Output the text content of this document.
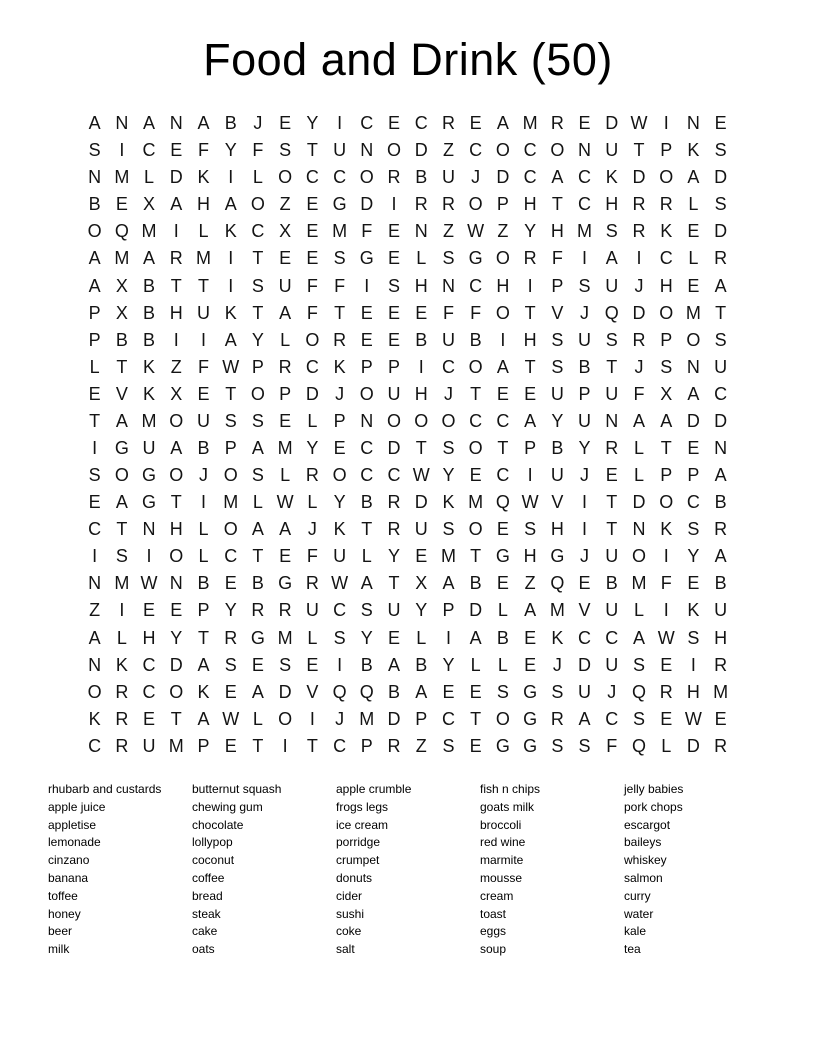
Food and Drink (50)
A N A N A B J E Y	I	C E C R E A M R E D W I	N E
S	I	C E F Y F S T U N O D Z C O C O N U T P K S
N M L D K	I	L O C C O R B U J D C A C K D O A D
B E X A H A O Z E G D	I	R R O P H T C H R R L S
O Q M I	L K C X E M F E N Z W Z Y H M S R K E D
A M A R M I	T E E S G E L S G O R F	I	A	I	C L R
A X B T T	I	S U F F	I	S H N C H	I	P S U J H E A
P X B H U K T A F T E E E F F O T V J Q D O M T
P B B	I	I	A Y L O R E E B U B	I	H S U S R P O S
L T K Z F W P R C K P P	I	C O A T S B T J S N U
E V K X E T O P D J O U H J T E E U P U F X A C
T A M O U S S E L P N O O O C C A Y U N A A D D
I G U A B P A M Y E C D T S O T P B Y R L T E N
S O G O J O S L R O C C W Y E C	I	U J E L P P A
E A G T	I M L W L Y B R D K M Q W V	I	T D O C B
C T N H L O A A J K T R U S O E S H	I	T N K S R
I	S	I O L C T E F U L Y E M T G H G J U O I	Y A
N M W N B E B G R W A T X A B E Z Q E B M F E B
Z	I	E E P Y R R U C S U Y P D L A M V U L	I	K U
A L H Y T R G M L S Y E L	I	A B E K C C A W S H
N K C D A S E S E	I	B A B Y L L E J D U S E	I	R
O R C O K E A D V Q Q B A E E S G S U J Q R H M
K R E T A W L O I	J M D P C T O G R A C S E W E
C R U M P E T	I	T C P R Z S E G G S S F Q L D R
rhubarb and custards
apple juice
appletise
lemonade
cinzano
banana
toffee
honey
beer
milk
butternut squash
chewing gum
chocolate
lollypop
coconut
coffee
bread
steak
cake
oats
apple crumble
frogs legs
ice cream
porridge
crumpet
donuts
cider
sushi
coke
salt
fish n chips
goats milk
broccoli
red wine
marmite
mousse
cream
toast
eggs
soup
jelly babies
pork chops
escargot
baileys
whiskey
salmon
curry
water
kale
tea
